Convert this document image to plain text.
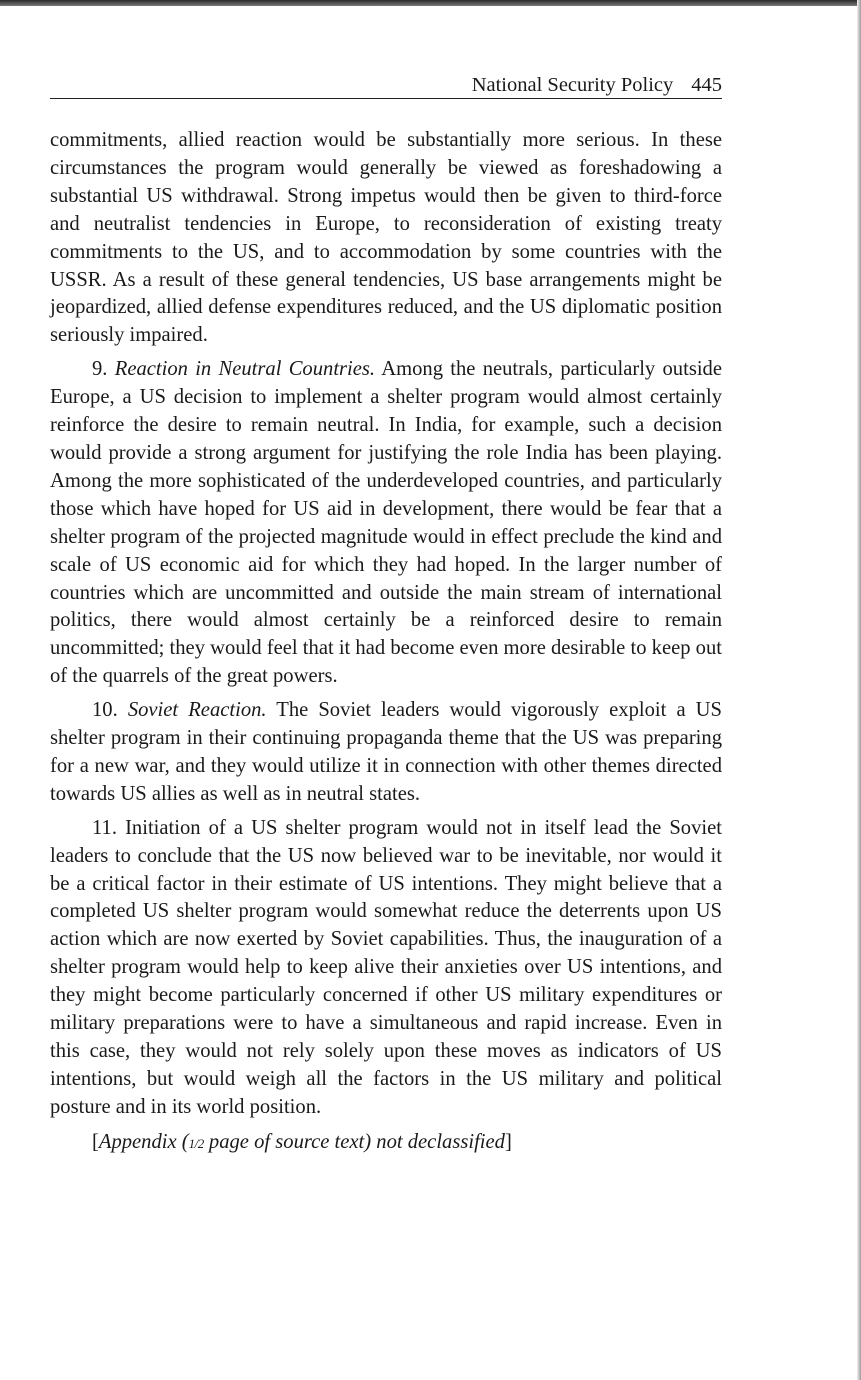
National Security Policy 445

commitments, allied reaction would be substantially more serious. In these circumstances the program would generally be viewed as foreshadowing a substantial US withdrawal. Strong impetus would then be given to third-force and neutralist tendencies in Europe, to reconsideration of existing treaty commitments to the US, and to accommodation by some countries with the USSR. As a result of these general tendencies, US base arrangements might be jeopardized, allied defense expenditures reduced, and the US diplomatic position seriously impaired.

9. Reaction in Neutral Countries. Among the neutrals, particularly outside Europe, a US decision to implement a shelter program would almost certainly reinforce the desire to remain neutral. In India, for example, such a decision would provide a strong argument for justifying the role India has been playing. Among the more sophisticated of the underdeveloped countries, and particularly those which have hoped for US aid in development, there would be fear that a shelter program of the projected magnitude would in effect preclude the kind and scale of US economic aid for which they had hoped. In the larger number of countries which are uncommitted and outside the main stream of international politics, there would almost certainly be a reinforced desire to remain uncommitted; they would feel that it had become even more desirable to keep out of the quarrels of the great powers.

10. Soviet Reaction. The Soviet leaders would vigorously exploit a US shelter program in their continuing propaganda theme that the US was preparing for a new war, and they would utilize it in connection with other themes directed towards US allies as well as in neutral states.

11. Initiation of a US shelter program would not in itself lead the Soviet leaders to conclude that the US now believed war to be inevitable, nor would it be a critical factor in their estimate of US intentions. They might believe that a completed US shelter program would somewhat reduce the deterrents upon US action which are now exerted by Soviet capabilities. Thus, the inauguration of a shelter program would help to keep alive their anxieties over US intentions, and they might become particularly concerned if other US military expenditures or military preparations were to have a simultaneous and rapid increase. Even in this case, they would not rely solely upon these moves as indicators of US intentions, but would weigh all the factors in the US military and political posture and in its world position.

[Appendix (1/2 page of source text) not declassified]
